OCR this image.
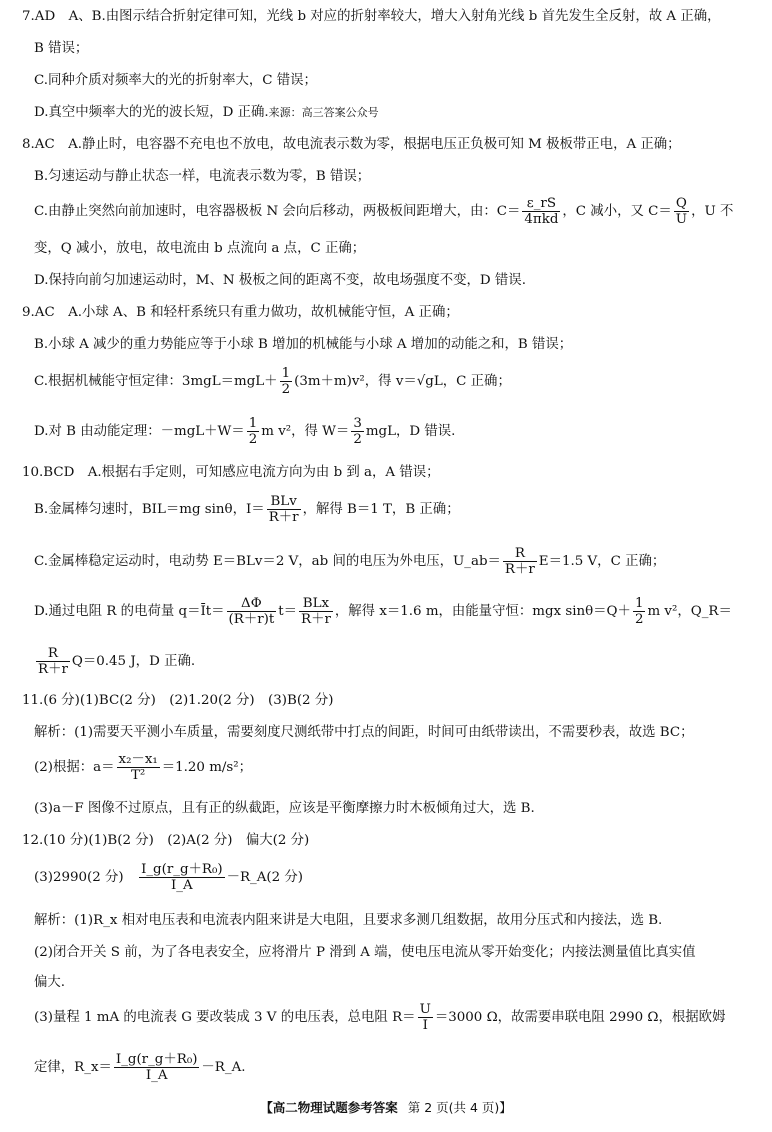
7.AD　A、B.由图示结合折射定律可知，光线 b 对应的折射率较大，增大入射角光线 b 首先发生全反射，故 A 正确，
B 错误；
C.同种介质对频率大的光的折射率大，C 错误；
D.真空中频率大的光的波长短，D 正确.来源：高三答案公众号
8.AC　A.静止时，电容器不充电也不放电，故电流表示数为零，根据电压正负极可知 M 极板带正电，A 正确；
B.匀速运动与静止状态一样，电流表示数为零，B 错误；
C.由静止突然向前加速时，电容器极板 N 会向后移动，两极板间距增大，由：$C= \frac{\varepsilon\_rS}{\text{4πkd}}$ ，C 减小，又 $C= \frac{Q}{U}$ ，U 不
变，Q 减小，放电，故电流由 b 点流向 a 点，C 正确；
D.保持向前匀加速运动时，M、N 极板之间的距离不变，故电场强度不变，D 错误.
9.AC　A.小球 A、B 和轻杆系统只有重力做功，故机械能守恒，A 正确；
B.小球 A 减少的重力势能应等于小球 B 增加的机械能与小球 A 增加的动能之和，B 错误；
C.根据机械能守恒定律：$3mgL=mgL+ \frac{1}{2} (3m+m)v^2$，得 v＝√gL，C 正确；
D.对 B 由动能定理：$-mgL+W= \frac{1}{2}$ m v²，得 $W= \frac{3}{2}$ mgL，D 错误.
10.BCD　A.根据右手定则，可知感应电流方向为由 b 到 a，A 错误；
B.金属棒匀速时，BIL＝mg sinθ，$I= \frac{\text{BLv}}{R+r}$ ，解得 B＝1 T，B 正确；
C.金属棒稳定运动时，电动势 E＝BLv＝2 V，ab 间的电压为外电压，U_ab＝ $\frac{R}{R+r} E=1.5$ V，C 正确；
D.通过电阻 R 的电荷量 q＝Īt＝ $\frac{\Delta\Phi}{(R+r)t} t= \frac{\text{BLx}}{R+r}$ ，解得 x＝1.6 m，由能量守恒：mgx $\sin\theta=Q+ \frac{1}{2}$ m v²，Q_R＝
$\frac{R}{R+r} Q=0.45$ J，D 正确.
11.(6 分)(1)BC(2 分)　(2)1.20(2 分)　(3)B(2 分)
解析：(1)需要天平测小车质量，需要刻度尺测纸带中打点的间距，时间可由纸带读出，不需要秒表，故选 BC；
(2)根据：$a= \frac{\text{x₂－x₁}}{\text{T²}} =1.20$ m/s²；
(3)a－F 图像不过原点，且有正的纵截距，应该是平衡摩擦力时木板倾角过大，选 B.
12.(10 分)(1)B(2 分)　(2)A(2 分)　偏大(2 分)
(3)2990(2 分)　 $\frac{\text{I\_g(r\_g＋R₀)}}{I\_A}$ －R_A(2 分)
解析：(1)R_x 相对电压表和电流表内阻来讲是大电阻，且要求多测几组数据，故用分压式和内接法，选 B.
(2)闭合开关 S 前，为了各电表安全，应将滑片 P 滑到 A 端，使电压电流从零开始变化；内接法测量值比真实值
偏大.
(3)量程 1 mA 的电流表 G 要改装成 3 V 的电压表，总电阻 $R= \frac{U}{I} =3000$ Ω，故需要串联电阻 2990 Ω，根据欧姆
定律，R_x＝ $\frac{\text{I\_g(r\_g＋R₀)}}{I\_A}$ －R_A.
【高二物理试题参考答案 第 2 页(共 4 页)】
